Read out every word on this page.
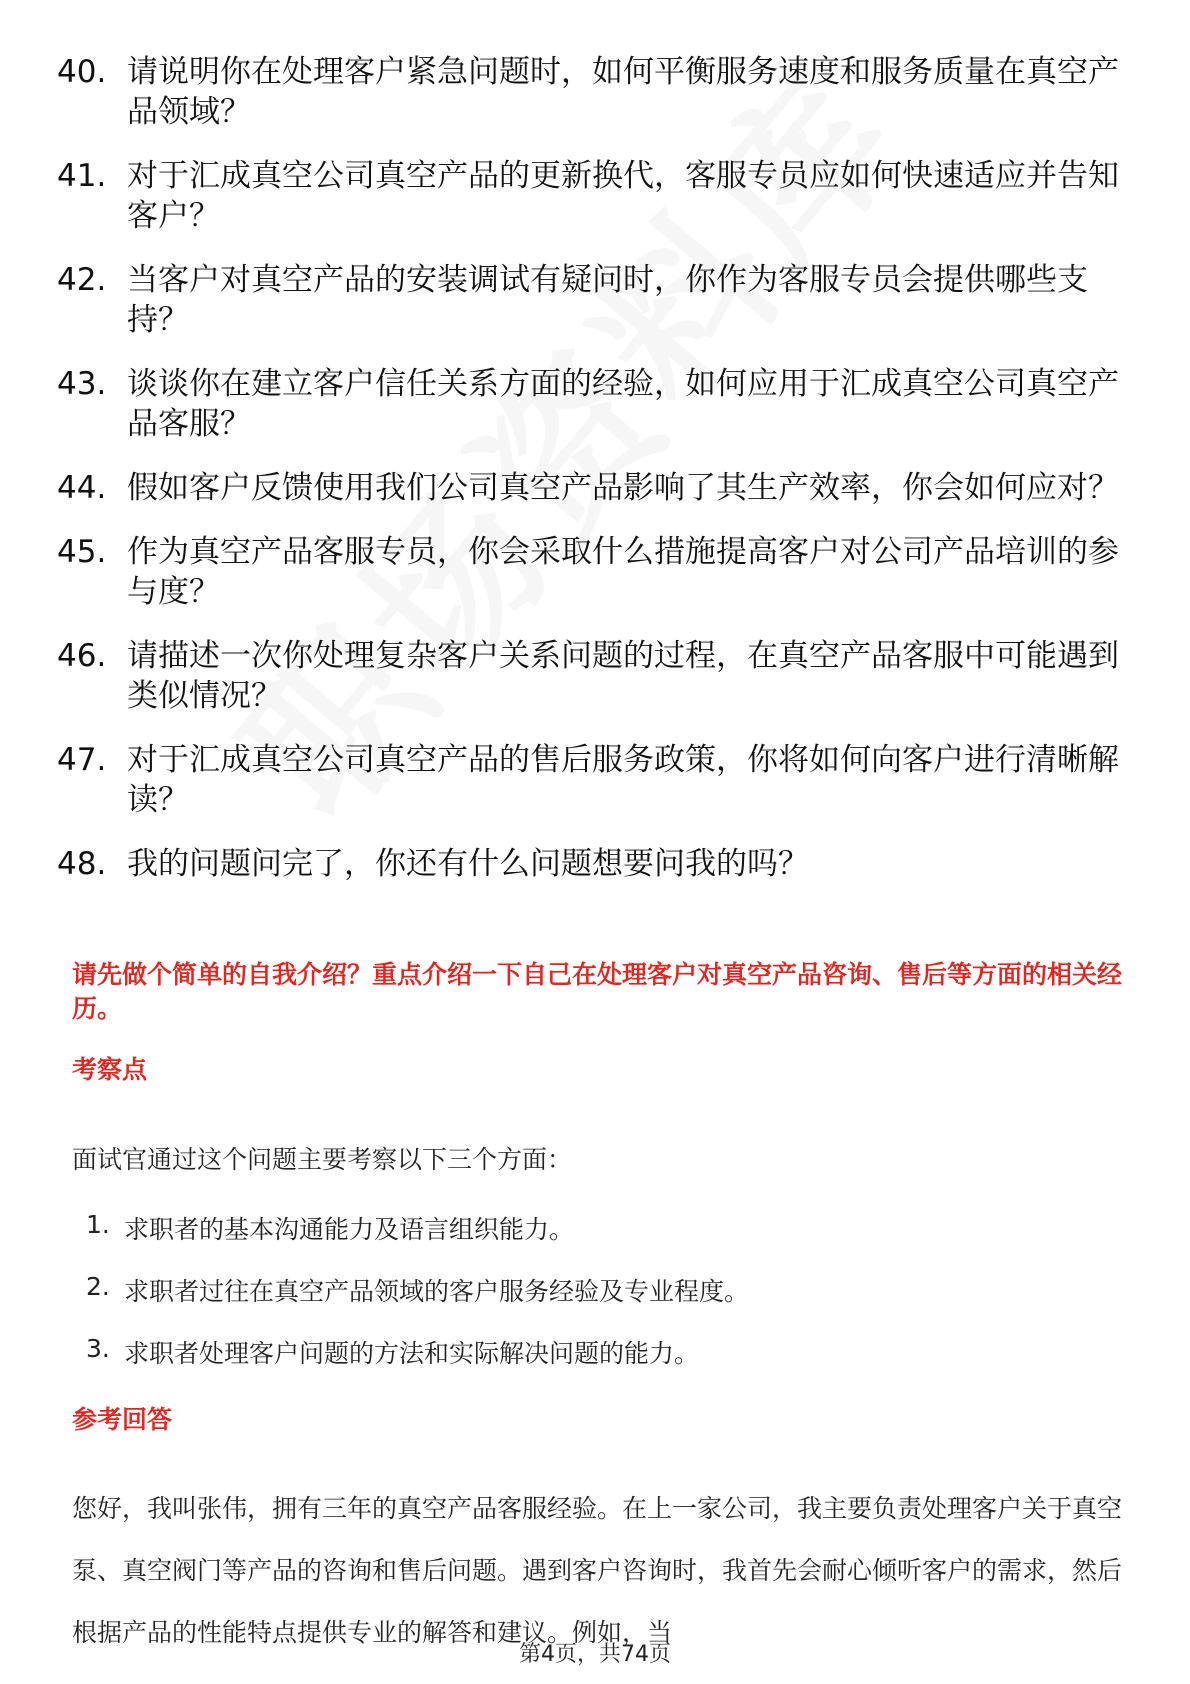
40. 请说明你在处理客户紧急问题时，如何平衡服务速度和服务质量在真空产品领域？
41. 对于汇成真空公司真空产品的更新换代，客服专员应如何快速适应并告知客户？
42. 当客户对真空产品的安装调试有疑问时，你作为客服专员会提供哪些支持？
43. 谈谈你在建立客户信任关系方面的经验，如何应用于汇成真空公司真空产品客服？
44. 假如客户反馈使用我们公司真空产品影响了其生产效率，你会如何应对？
45. 作为真空产品客服专员，你会采取什么措施提高客户对公司产品培训的参与度？
46. 请描述一次你处理复杂客户关系问题的过程，在真空产品客服中可能遇到类似情况？
47. 对于汇成真空公司真空产品的售后服务政策，你将如何向客户进行清晰解读？
48. 我的问题问完了，你还有什么问题想要问我的吗？
请先做个简单的自我介绍？重点介绍一下自己在处理客户对真空产品咨询、售后等方面的相关经历。
考察点
面试官通过这个问题主要考察以下三个方面：
1. 求职者的基本沟通能力及语言组织能力。
2. 求职者过往在真空产品领域的客户服务经验及专业程度。
3. 求职者处理客户问题的方法和实际解决问题的能力。
参考回答
您好，我叫张伟，拥有三年的真空产品客服经验。在上一家公司，我主要负责处理客户关于真空泵、真空阀门等产品的咨询和售后问题。遇到客户咨询时，我首先会耐心倾听客户的需求，然后根据产品的性能特点提供专业的解答和建议。例如，当
第4页，共74页
